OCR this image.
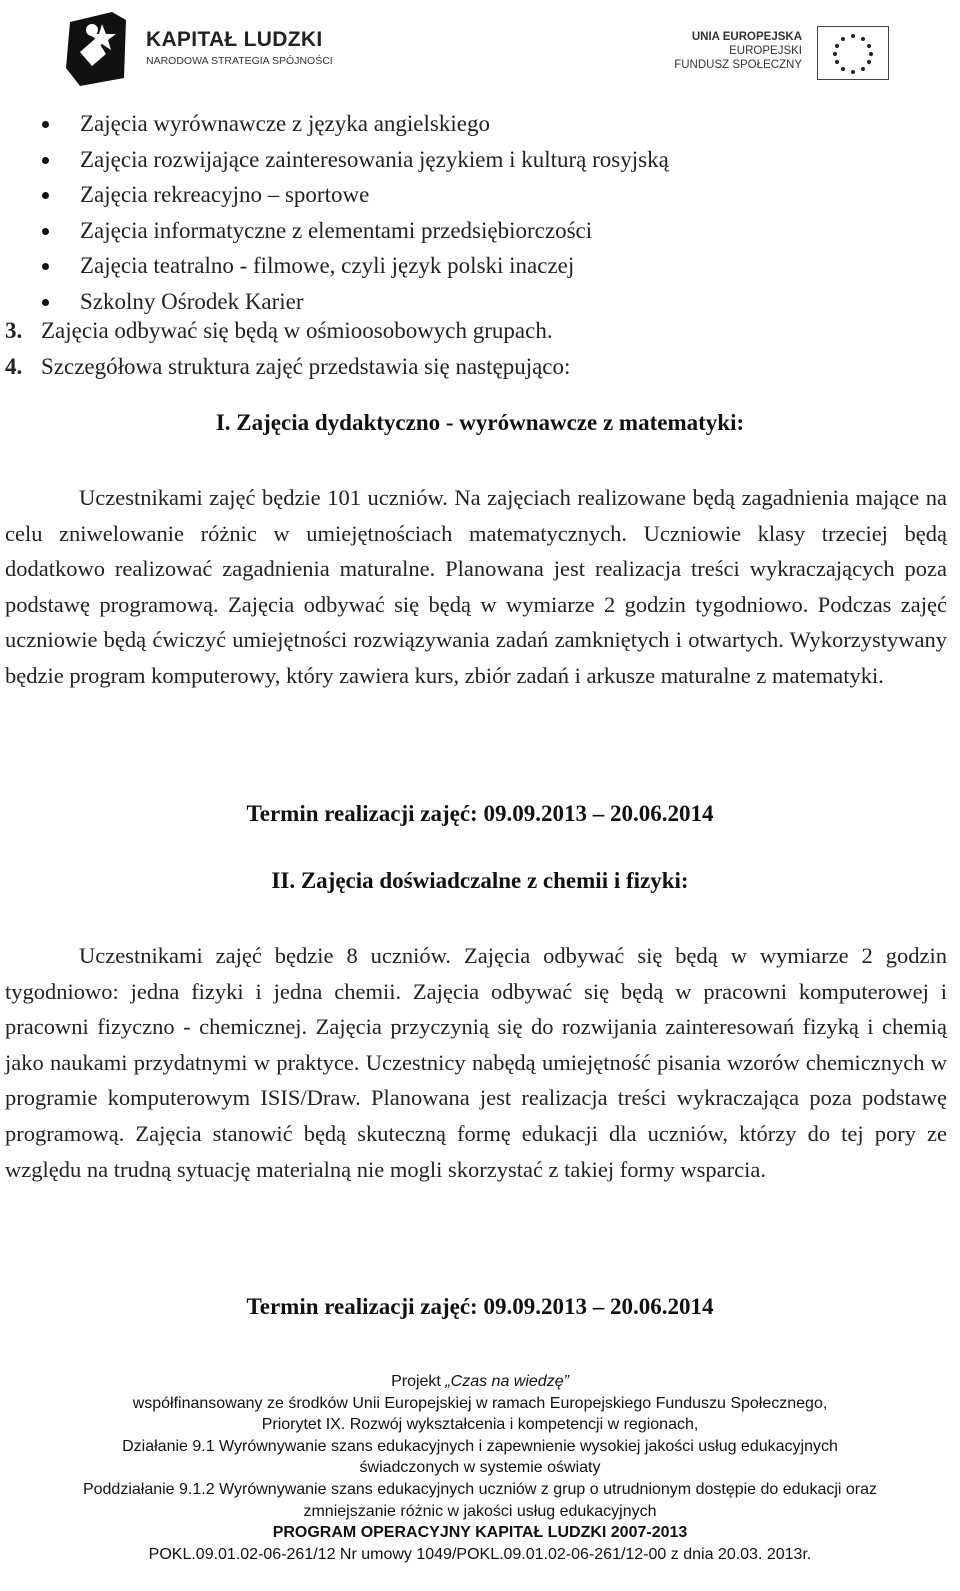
KAPITAŁ LUDZKI
NARODOWA STRATEGIA SPÓJNOŚCI
UNIA EUROPEJSKA
EUROPEJSKI
FUNDUSZ SPOŁECZNY
Zajęcia wyrównawcze z języka angielskiego
Zajęcia rozwijające zainteresowania językiem i kulturą rosyjską
Zajęcia rekreacyjno – sportowe
Zajęcia informatyczne z elementami przedsiębiorczości
Zajęcia teatralno - filmowe, czyli język polski inaczej
Szkolny Ośrodek Karier
3. Zajęcia odbywać się będą w ośmioosobowych grupach.
4. Szczegółowa struktura zajęć przedstawia się następująco:
I. Zajęcia dydaktyczno - wyrównawcze z matematyki:
Uczestnikami zajęć będzie 101 uczniów. Na zajęciach realizowane będą zagadnienia mające na celu zniwelowanie różnic w umiejętnościach matematycznych. Uczniowie klasy trzeciej będą dodatkowo realizować zagadnienia maturalne. Planowana jest realizacja treści wykraczających poza podstawę programową. Zajęcia odbywać się będą w wymiarze 2 godzin tygodniowo. Podczas zajęć uczniowie będą ćwiczyć umiejętności rozwiązywania zadań zamkniętych i otwartych. Wykorzystywany będzie program komputerowy, który zawiera kurs, zbiór zadań i arkusze maturalne z matematyki.
Termin realizacji zajęć: 09.09.2013 – 20.06.2014
II. Zajęcia doświadczalne z chemii i fizyki:
Uczestnikami zajęć będzie 8 uczniów. Zajęcia odbywać się będą w wymiarze 2 godzin tygodniowo: jedna fizyki i jedna chemii. Zajęcia odbywać się będą w pracowni komputerowej i pracowni fizyczno - chemicznej. Zajęcia przyczynią się do rozwijania zainteresowań fizyką i chemią jako naukami przydatnymi w praktyce. Uczestnicy nabędą umiejętność pisania wzorów chemicznych w programie komputerowym ISIS/Draw. Planowana jest realizacja treści wykraczająca poza podstawę programową. Zajęcia stanowić będą skuteczną formę edukacji dla uczniów, którzy do tej pory ze względu na trudną sytuację materialną nie mogli skorzystać z takiej formy wsparcia.
Termin realizacji zajęć: 09.09.2013 – 20.06.2014
Projekt „Czas na wiedzę”
współfinansowany ze środków Unii Europejskiej w ramach Europejskiego Funduszu Społecznego,
Priorytet IX. Rozwój wykształcenia i kompetencji w regionach,
Działanie 9.1 Wyrównywanie szans edukacyjnych i zapewnienie wysokiej jakości usług edukacyjnych
świadczonych w systemie oświaty
Poddziałanie 9.1.2 Wyrównywanie szans edukacyjnych uczniów z grup o utrudnionym dostępie do edukacji oraz
zmniejszanie różnic w jakości usług edukacyjnych
PROGRAM OPERACYJNY KAPITAŁ LUDZKI 2007-2013
POKL.09.01.02-06-261/12 Nr umowy 1049/POKL.09.01.02-06-261/12-00 z dnia 20.03. 2013r.
